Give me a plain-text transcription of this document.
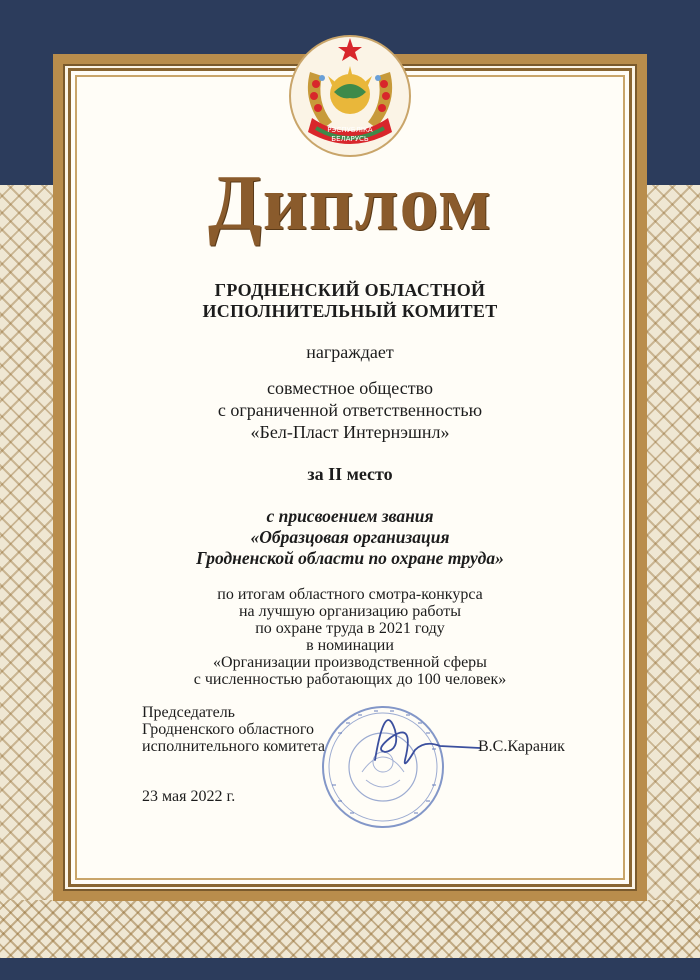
РЭСПУБЛIКА
БЕЛАРУСЬ
Диплом

ГРОДНЕНСКИЙ ОБЛАСТНОЙ

ИСПОЛНИТЕЛЬНЫЙ КОМИТЕТ

награждает

совместное общество

с ограниченной ответственностью

«Бел-Пласт Интернэшнл»

за II место

с присвоением звания

«Образцовая организация

Гродненской области по охране труда»

по итогам областного смотра-конкурса

на лучшую организацию работы

по охране труда в 2021 году

в номинации

«Организации производственной сферы

с численностью работающих до 100 человек»

Председатель

Гродненского областного

исполнительного комитета	В.С.Караник
23 мая 2022 г.
